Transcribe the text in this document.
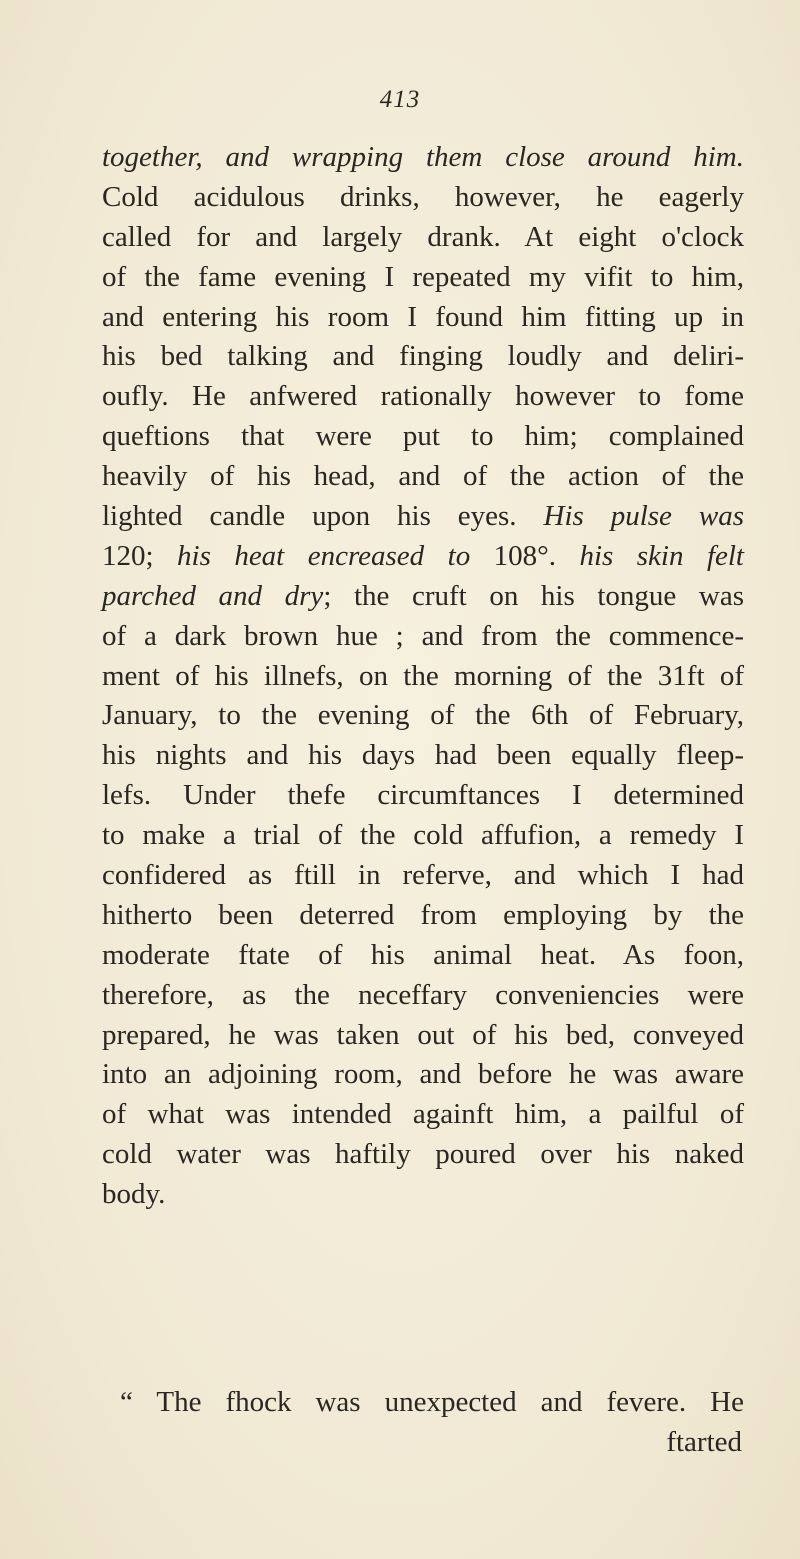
413
together, and wrapping them close around him.
Cold acidulous drinks, however, he eagerly
called for and largely drank. At eight o'clock
of the fame evening I repeated my vifit to him,
and entering his room I found him fitting up in
his bed talking and finging loudly and deliri-
oufly. He anfwered rationally however to fome
queftions that were put to him; complained
heavily of his head, and of the action of the
lighted candle upon his eyes. His pulse was
120; his heat encreased to 108°. his skin felt
parched and dry; the cruft on his tongue was
of a dark brown hue ; and from the commence-
ment of his illnefs, on the morning of the 31ft of
January, to the evening of the 6th of February,
his nights and his days had been equally fleep-
lefs. Under thefe circumftances I determined
to make a trial of the cold affufion, a remedy I
confidered as ftill in referve, and which I had
hitherto been deterred from employing by the
moderate ftate of his animal heat. As foon,
therefore, as the neceffary conveniencies were
prepared, he was taken out of his bed, conveyed
into an adjoining room, and before he was aware
of what was intended againft him, a pailful of
cold water was haftily poured over his naked
body.
“ The fhock was unexpected and fevere. He
ftarted
